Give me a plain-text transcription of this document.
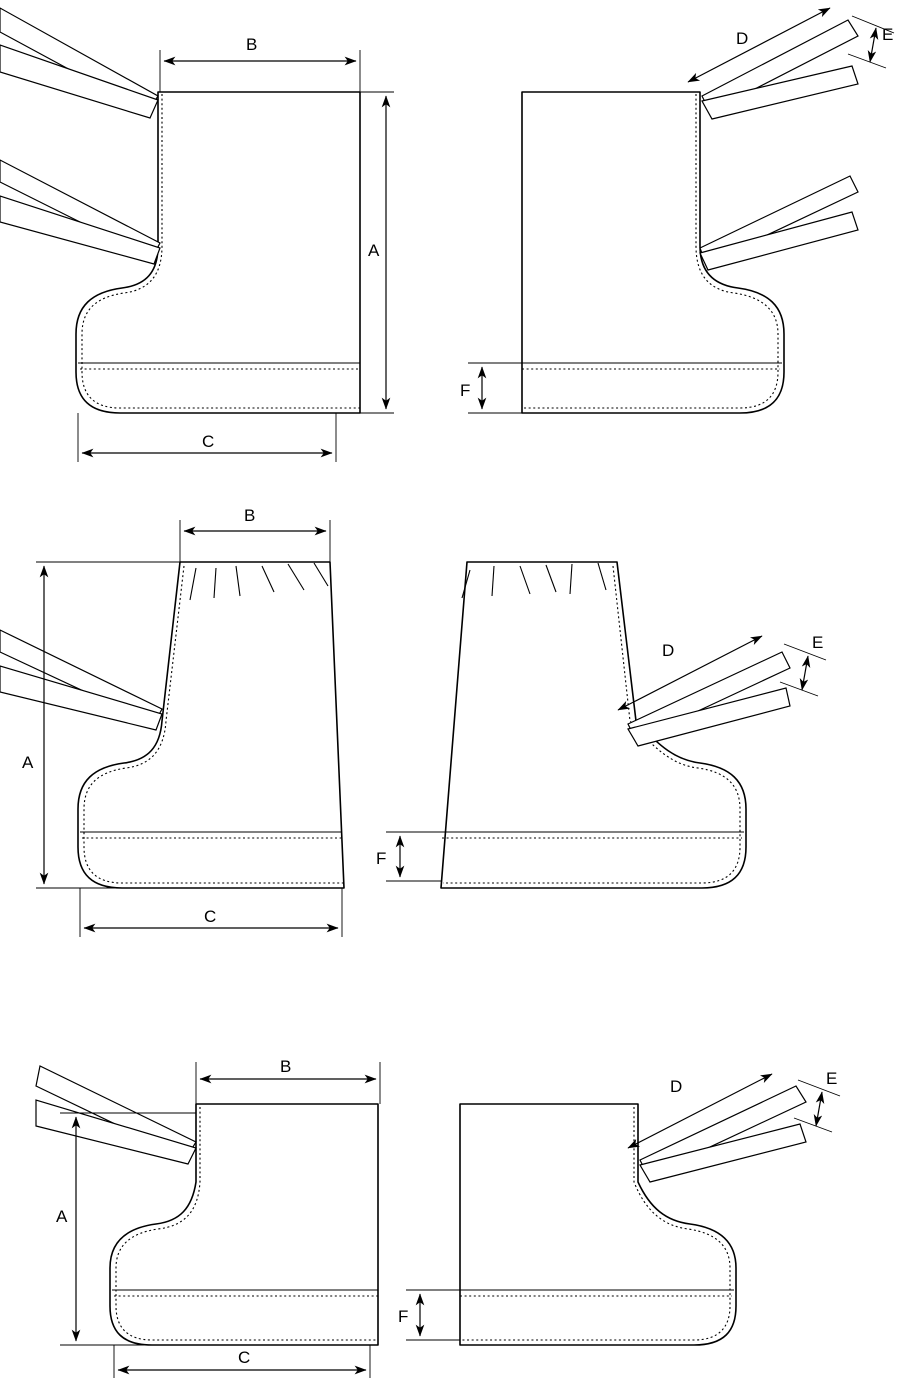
B
A
C
D	E
F
B
A
C
D	E
F
B
A
C
D	E
F
